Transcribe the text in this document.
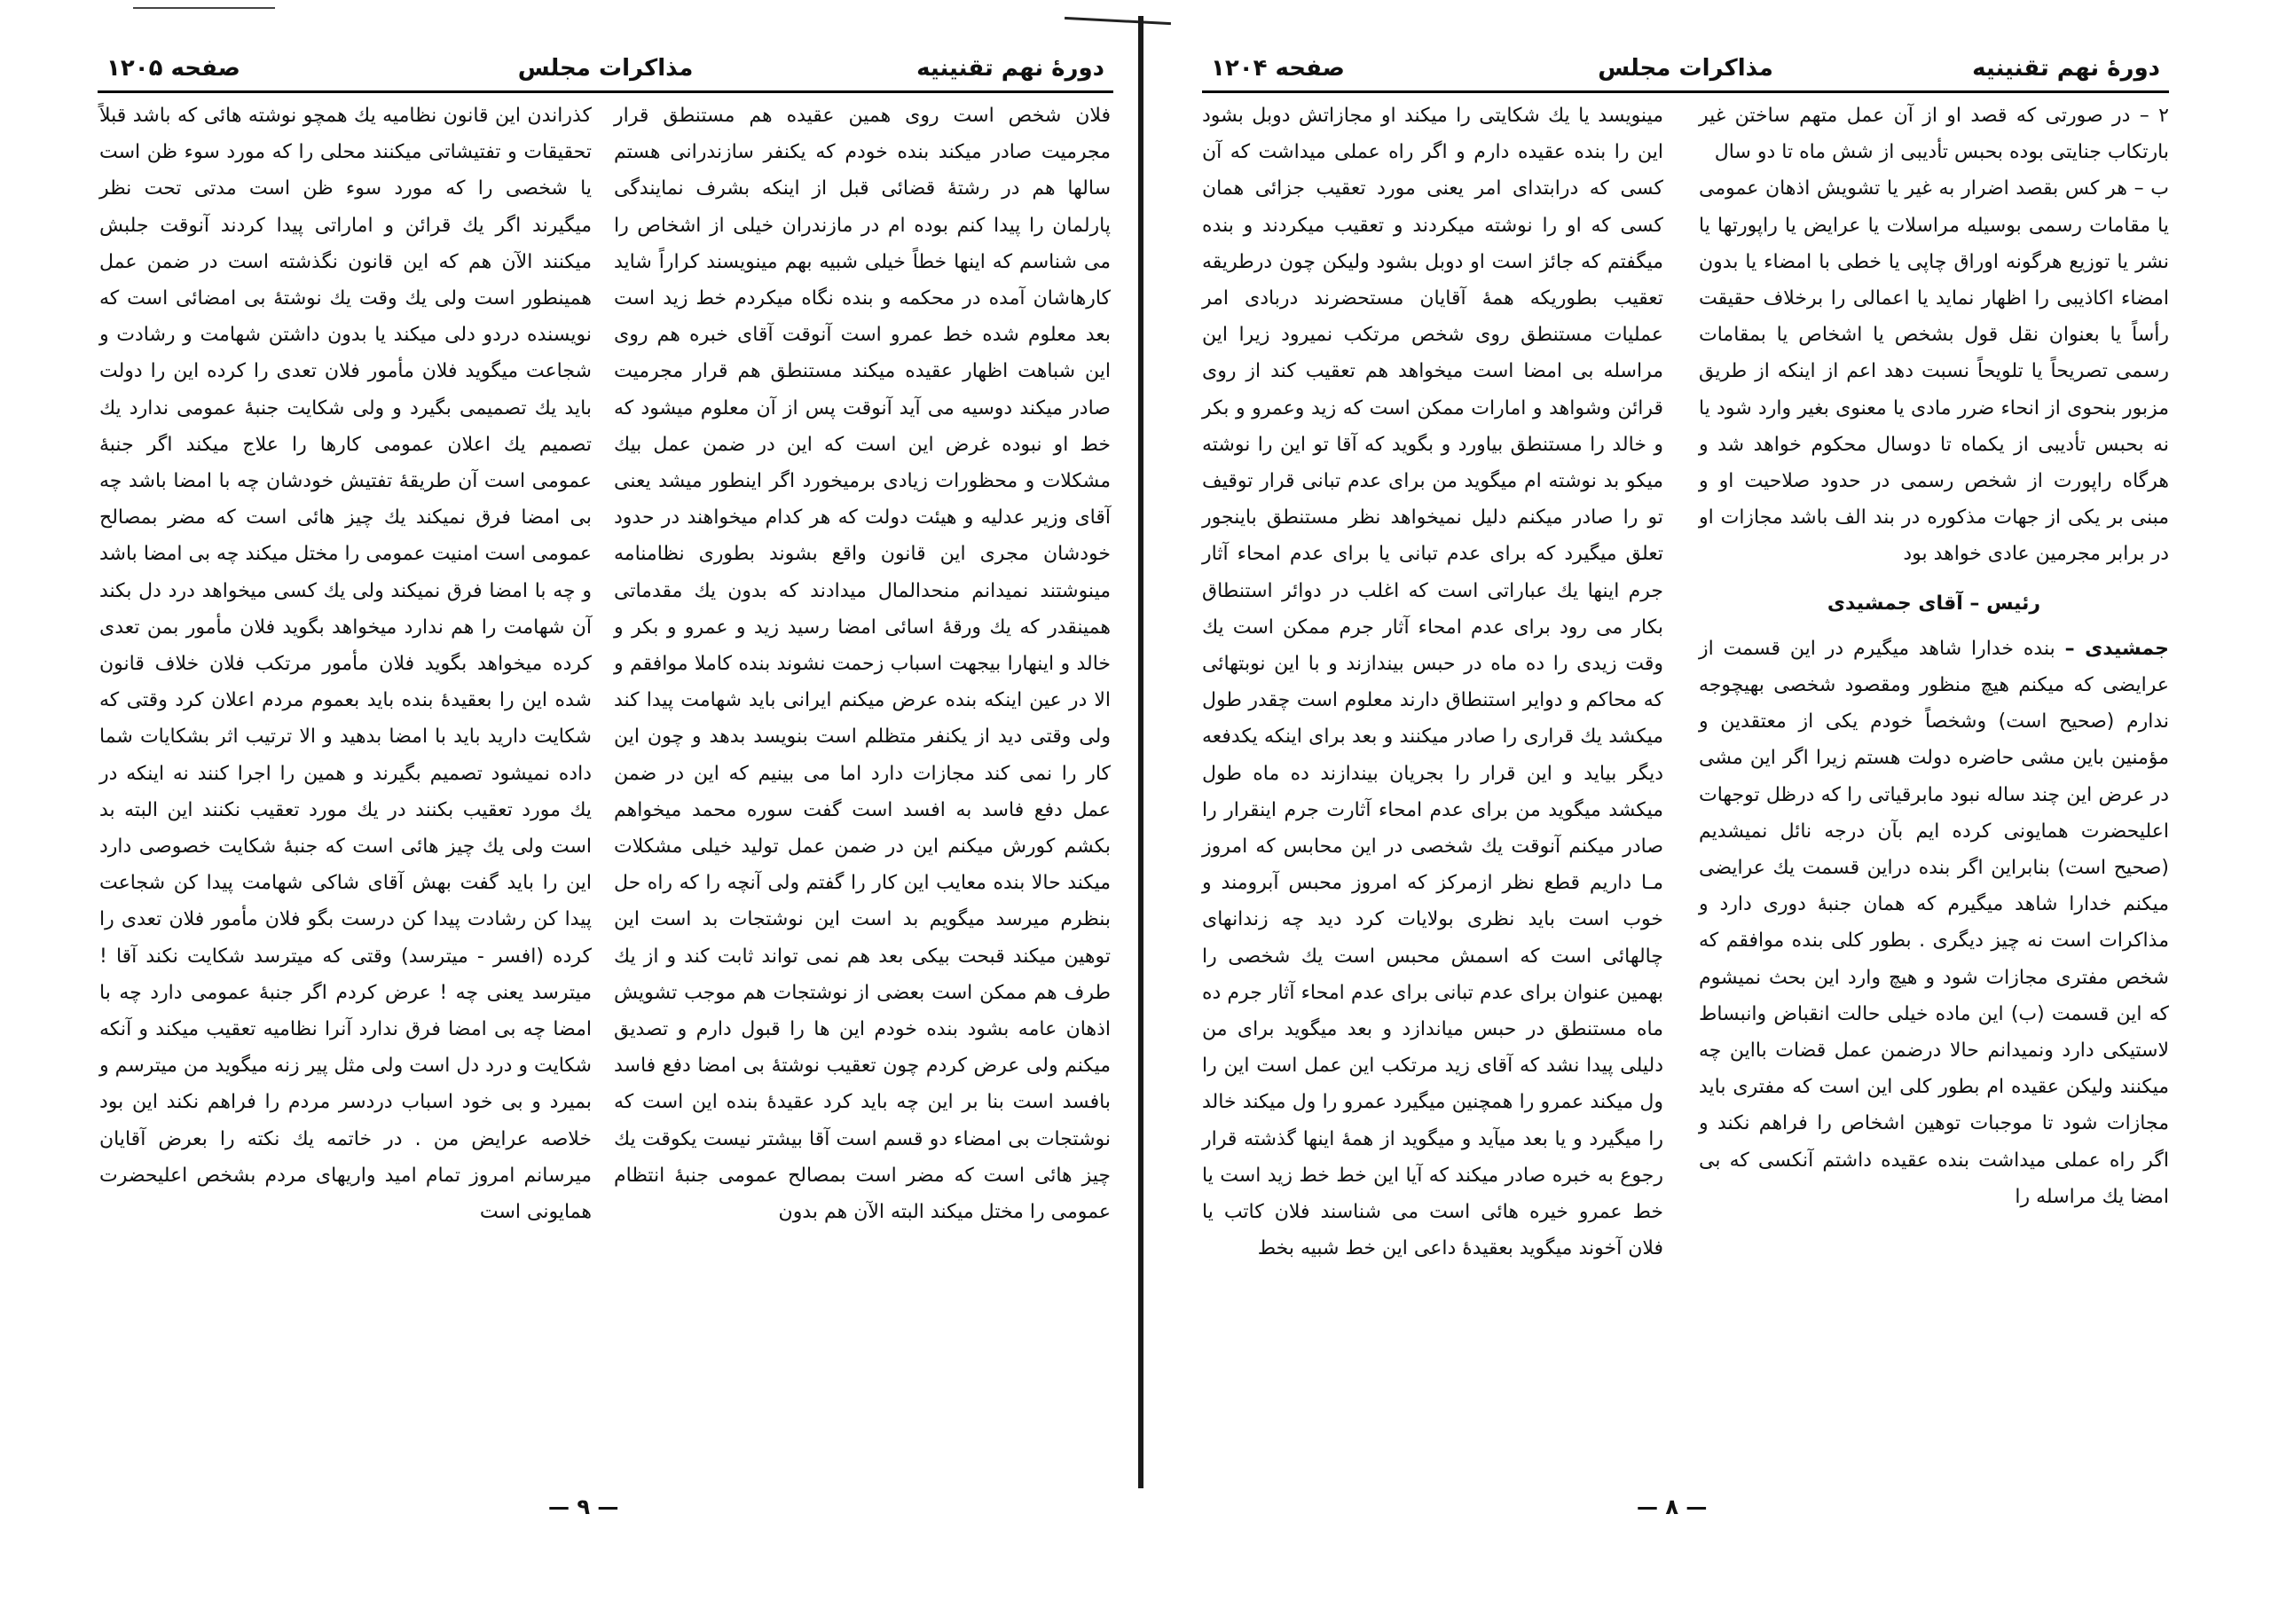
صفحه ۱۲۰۵	مذاکرات مجلس	دورهٔ نهم تقنینیه

فلان شخص است روی همین عقیده هم مستنطق قرار مجرمیت صادر میکند بنده خودم که یکنفر سازندرانی هستم سالها هم در رشتهٔ قضائی قبل از اینکه بشرف نمایندگی پارلمان را پیدا کنم بوده ام در مازندران خیلی از اشخاص را می شناسم که اینها خطاً خیلی شبیه بهم مینویسند کراراً شاید کارهاشان آمده در محکمه و بنده نگاه میکردم خط زید است بعد معلوم شده خط عمرو است آنوقت آقای خبره هم روی این شباهت اظهار عقیده میکند مستنطق هم قرار مجرمیت صادر میکند دوسیه می آید آنوقت پس از آن معلوم میشود که خط او نبوده غرض این است که این در ضمن عمل بیك مشکلات و محظورات زیادی برمیخورد اگر اینطور میشد یعنی آقای وزیر عدلیه و هیئت دولت که هر کدام میخواهند در حدود خودشان مجری این قانون واقع بشوند بطوری نظامنامه مینوشتند نمیدانم منحدالمال میدادند که بدون یك مقدماتی همینقدر که یك ورقهٔ اسائی امضا رسید زید و عمرو و بکر و خالد و اینهارا بیجهت اسباب زحمت نشوند بنده کاملا موافقم و الا در عین اینکه بنده عرض میکنم ایرانی باید شهامت پیدا کند ولی وقتی دید از یکنفر متظلم است بنویسد بدهد و چون این کار را نمی کند مجازات دارد اما می بینیم که این در ضمن عمل دفع فاسد به افسد است گفت سوره محمد میخواهم بکشم کورش میکنم این در ضمن عمل تولید خیلی مشکلات میکند حالا بنده معایب این کار را گفتم ولی آنچه را که راه حل بنظرم میرسد میگویم بد است این نوشتجات بد است این توهین میکند قبحت بیکی بعد هم نمی تواند ثابت کند و از یك طرف هم ممکن است بعضی از نوشتجات هم موجب تشویش اذهان عامه بشود بنده خودم این ها را قبول دارم و تصدیق میکنم ولی عرض کردم چون تعقیب نوشتهٔ بی امضا دفع فاسد بافسد است بنا بر این چه باید کرد عقیدهٔ بنده این است که نوشتجات بی امضاء دو قسم است آقا بیشتر نیست یکوقت یك چیز هائی است که مضر است بمصالح عمومی جنبهٔ انتظام عمومی را مختل میکند البته الآن هم بدون

کذراندن این قانون نظامیه یك همچو نوشته هائی که باشد قبلاً تحقیقات و تفتیشاتی میکنند محلی را که مورد سوء ظن است یا شخصی را که مورد سوء ظن است مدتی تحت نظر میگیرند اگر یك قرائن و اماراتی پیدا کردند آنوقت جلبش میکنند الآن هم که این قانون نگذشته است در ضمن عمل همینطور است ولی یك وقت یك نوشتهٔ بی امضائی است که نویسنده دردو دلی میکند یا بدون داشتن شهامت و رشادت و شجاعت میگوید فلان مأمور فلان تعدی را کرده این را دولت باید یك تصمیمی بگیرد و ولی شکایت جنبهٔ عمومی ندارد یك تصمیم یك اعلان عمومی کارها را علاج میکند اگر جنبهٔ عمومی است آن طریقهٔ تفتیش خودشان چه با امضا باشد چه بی امضا فرق نمیکند یك چیز هائی است که مضر بمصالح عمومی است امنیت عمومی را مختل میکند چه بی امضا باشد و چه با امضا فرق نمیکند ولی یك کسی میخواهد درد دل بکند آن شهامت را هم ندارد میخواهد بگوید فلان مأمور بمن تعدی کرده میخواهد بگوید فلان مأمور مرتکب فلان خلاف قانون شده این را بعقیدهٔ بنده باید بعموم مردم اعلان کرد وقتی که شکایت دارید باید با امضا بدهید و الا ترتیب اثر بشکایات شما داده نمیشود تصمیم بگیرند و همین را اجرا کنند نه اینکه در یك مورد تعقیب بکنند در یك مورد تعقیب نکنند این البته بد است ولی یك چیز هائی است که جنبهٔ شکایت خصوصی دارد این را باید گفت بهش آقای شاکی شهامت پیدا کن شجاعت پیدا کن رشادت پیدا کن درست بگو فلان مأمور فلان تعدی را کرده (افسر - میترسد) وقتی که میترسد شکایت نکند آقا ! میترسد یعنی چه ! عرض کردم اگر جنبهٔ عمومی دارد چه با امضا چه بی امضا فرق ندارد آنرا نظامیه تعقیب میکند و آنکه شکایت و درد دل است ولی مثل پیر زنه میگوید من میترسم و بمیرد و بی خود اسباب دردسر مردم را فراهم نکند این بود خلاصه عرایض من . در خاتمه یك نکته را بعرض آقایان میرسانم امروز تمام امید واریهای مردم بشخص اعلیحضرت همایونی است

— ۹ —
صفحه ۱۲۰۴	مذاکرات مجلس	دورهٔ نهم تقنینیه

۲ – در صورتی که قصد او از آن عمل متهم ساختن غیر بارتکاب جنایتی بوده بحبس تأدیبی از شش ماه تا دو سال

ب – هر کس بقصد اضرار به غیر یا تشویش اذهان عمومی یا مقامات رسمی بوسیله مراسلات یا عرایض یا راپورتها یا نشر یا توزیع هرگونه اوراق چاپی یا خطی با امضاء یا بدون امضاء اکاذیبی را اظهار نماید یا اعمالی را برخلاف حقیقت رأساً یا بعنوان نقل قول بشخص یا اشخاص یا بمقامات رسمی تصریحاً یا تلویحاً نسبت دهد اعم از اینکه از طریق مزبور بنحوی از انحاء ضرر مادی یا معنوی بغیر وارد شود یا نه بحبس تأدیبی از یکماه تا دوسال محکوم خواهد شد و هرگاه راپورت از شخص رسمی در حدود صلاحیت او و مبنی بر یکی از جهات مذکوره در بند الف باشد مجازات او در برابر مجرمین عادی خواهد بود

رئیس – آقای جمشیدی

جمشیدی – بنده خدارا شاهد میگیرم در این قسمت از عرایضی که میکنم هیچ منظور ومقصود شخصی بهیچوجه ندارم (صحیح است) وشخصاً خودم یکی از معتقدین و مؤمنین باین مشی حاضره دولت هستم زیرا اگر این مشی در عرض این چند ساله نبود مابرقیاتی را که درظل توجهات اعلیحضرت همایونی کرده ایم بآن درجه نائل نمیشدیم (صحیح است) بنابراین اگر بنده دراین قسمت یك عرایضی میکنم خدارا شاهد میگیرم که همان جنبهٔ دوری دارد و مذاکرات است نه چیز دیگری . بطور کلی بنده موافقم که شخص مفتری مجازات شود و هیچ وارد این بحث نمیشوم که این قسمت (ب) این ماده خیلی حالت انقباض وانبساط لاستیکی دارد ونمیدانم حالا درضمن عمل قضات بااین چه میکنند ولیکن عقیده ام بطور کلی این است که مفتری باید مجازات شود تا موجبات توهین اشخاص را فراهم نکند و اگر راه عملی میداشت بنده عقیده داشتم آنکسی که بی امضا یك مراسله را

مینویسد یا یك شکایتی را میکند او مجازاتش دوبل بشود این را بنده عقیده دارم و اگر راه عملی میداشت که آن کسی که درابتدای امر یعنی مورد تعقیب جزائی همان کسی که او را نوشته میکردند و تعقیب میکردند و بنده میگفتم که جائز است او دوبل بشود ولیکن چون درطریقه تعقیب بطوریکه همهٔ آقایان مستحضرند دربادی امر عملیات مستنطق روی شخص مرتکب نمیرود زیرا این مراسله بی امضا است میخواهد هم تعقیب کند از روی قرائن وشواهد و امارات ممکن است که زید وعمرو و بکر و خالد را مستنطق بیاورد و بگوید که آقا تو این را نوشته میکو بد نوشته ام میگوید من برای عدم تبانی قرار توقیف تو را صادر میکنم دلیل نمیخواهد نظر مستنطق باینجور تعلق میگیرد که برای عدم تبانی یا برای عدم امحاء آثار جرم اینها یك عباراتی است که اغلب در دوائر استنطاق بکار می رود برای عدم امحاء آثار جرم ممکن است یك وقت زیدی را ده ماه در حبس بیندازند و با این نوبتهائی که محاکم و دوایر استنطاق دارند معلوم است چقدر طول میکشد یك قراری را صادر میکنند و بعد برای اینکه یکدفعه دیگر بیاید و این قرار را بجریان بیندازند ده ماه طول میکشد میگوید من برای عدم امحاء آثارت جرم اینقرار را صادر میکنم آنوقت یك شخصی در این محابس که امروز مـا داریم قطع نظر ازمرکز که امروز محبس آبرومند و خوب است باید نظری بولایات کرد دید چه زندانهای چالهائی است که اسمش محبس است یك شخصی را بهمین عنوان برای عدم تبانی برای عدم امحاء آثار جرم ده ماه مستنطق در حبس میاندازد و بعد میگوید برای من دلیلی پیدا نشد که آقای زید مرتکب این عمل است این را ول میکند عمرو را همچنین میگیرد عمرو را ول میکند خالد را میگیرد و یا بعد میآید و میگوید از همهٔ اینها گذشته قرار رجوع به خبره صادر میکند که آیا این خط خط زید است یا خط عمرو خیره هائی است می شناسند فلان کاتب یا فلان آخوند میگوید بعقیدهٔ داعی این خط شبیه بخط

— ۸ —
